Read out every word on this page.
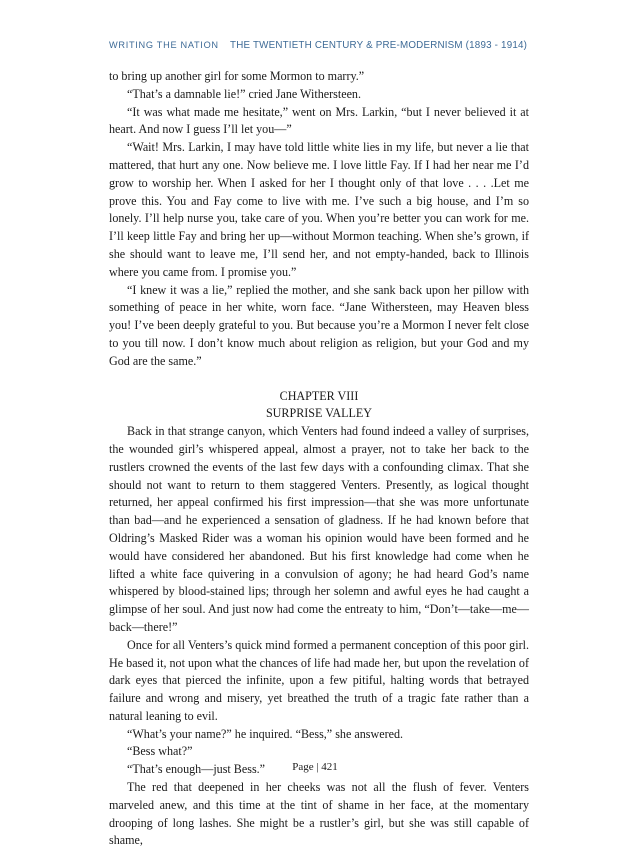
WRITING THE NATION THE TWENTIETH CENTURY & PRE-MODERNISM (1893 - 1914)

to bring up another girl for some Mormon to marry.”

“That’s a damnable lie!” cried Jane Withersteen.

“It was what made me hesitate,” went on Mrs. Larkin, “but I never believed it at heart. And now I guess I’ll let you—”

“Wait! Mrs. Larkin, I may have told little white lies in my life, but never a lie that mattered, that hurt any one. Now believe me. I love little Fay. If I had her near me I’d grow to worship her. When I asked for her I thought only of that love . . . .Let me prove this. You and Fay come to live with me. I’ve such a big house, and I’m so lonely. I’ll help nurse you, take care of you. When you’re better you can work for me. I’ll keep little Fay and bring her up—without Mormon teaching. When she’s grown, if she should want to leave me, I’ll send her, and not empty-handed, back to Illinois where you came from. I promise you.”

“I knew it was a lie,” replied the mother, and she sank back upon her pillow with something of peace in her white, worn face. “Jane Withersteen, may Heaven bless you! I’ve been deeply grateful to you. But because you’re a Mormon I never felt close to you till now. I don’t know much about religion as religion, but your God and my God are the same.”

CHAPTER VIII

SURPRISE VALLEY

Back in that strange canyon, which Venters had found indeed a valley of surprises, the wounded girl’s whispered appeal, almost a prayer, not to take her back to the rustlers crowned the events of the last few days with a confounding climax. That she should not want to return to them staggered Venters. Presently, as logical thought returned, her appeal confirmed his first impression—that she was more unfortunate than bad—and he experienced a sensation of gladness. If he had known before that Oldring’s Masked Rider was a woman his opinion would have been formed and he would have considered her abandoned. But his first knowledge had come when he lifted a white face quivering in a convulsion of agony; he had heard God’s name whispered by blood-stained lips; through her solemn and awful eyes he had caught a glimpse of her soul. And just now had come the entreaty to him, “Don’t—take—me—back—there!”

Once for all Venters’s quick mind formed a permanent conception of this poor girl. He based it, not upon what the chances of life had made her, but upon the revelation of dark eyes that pierced the infinite, upon a few pitiful, halting words that betrayed failure and wrong and misery, yet breathed the truth of a tragic fate rather than a natural leaning to evil.

“What’s your name?” he inquired. “Bess,” she answered.

“Bess what?”

“That’s enough—just Bess.”

The red that deepened in her cheeks was not all the flush of fever. Venters marveled anew, and this time at the tint of shame in her face, at the momentary drooping of long lashes. She might be a rustler’s girl, but she was still capable of shame,

Page | 421
